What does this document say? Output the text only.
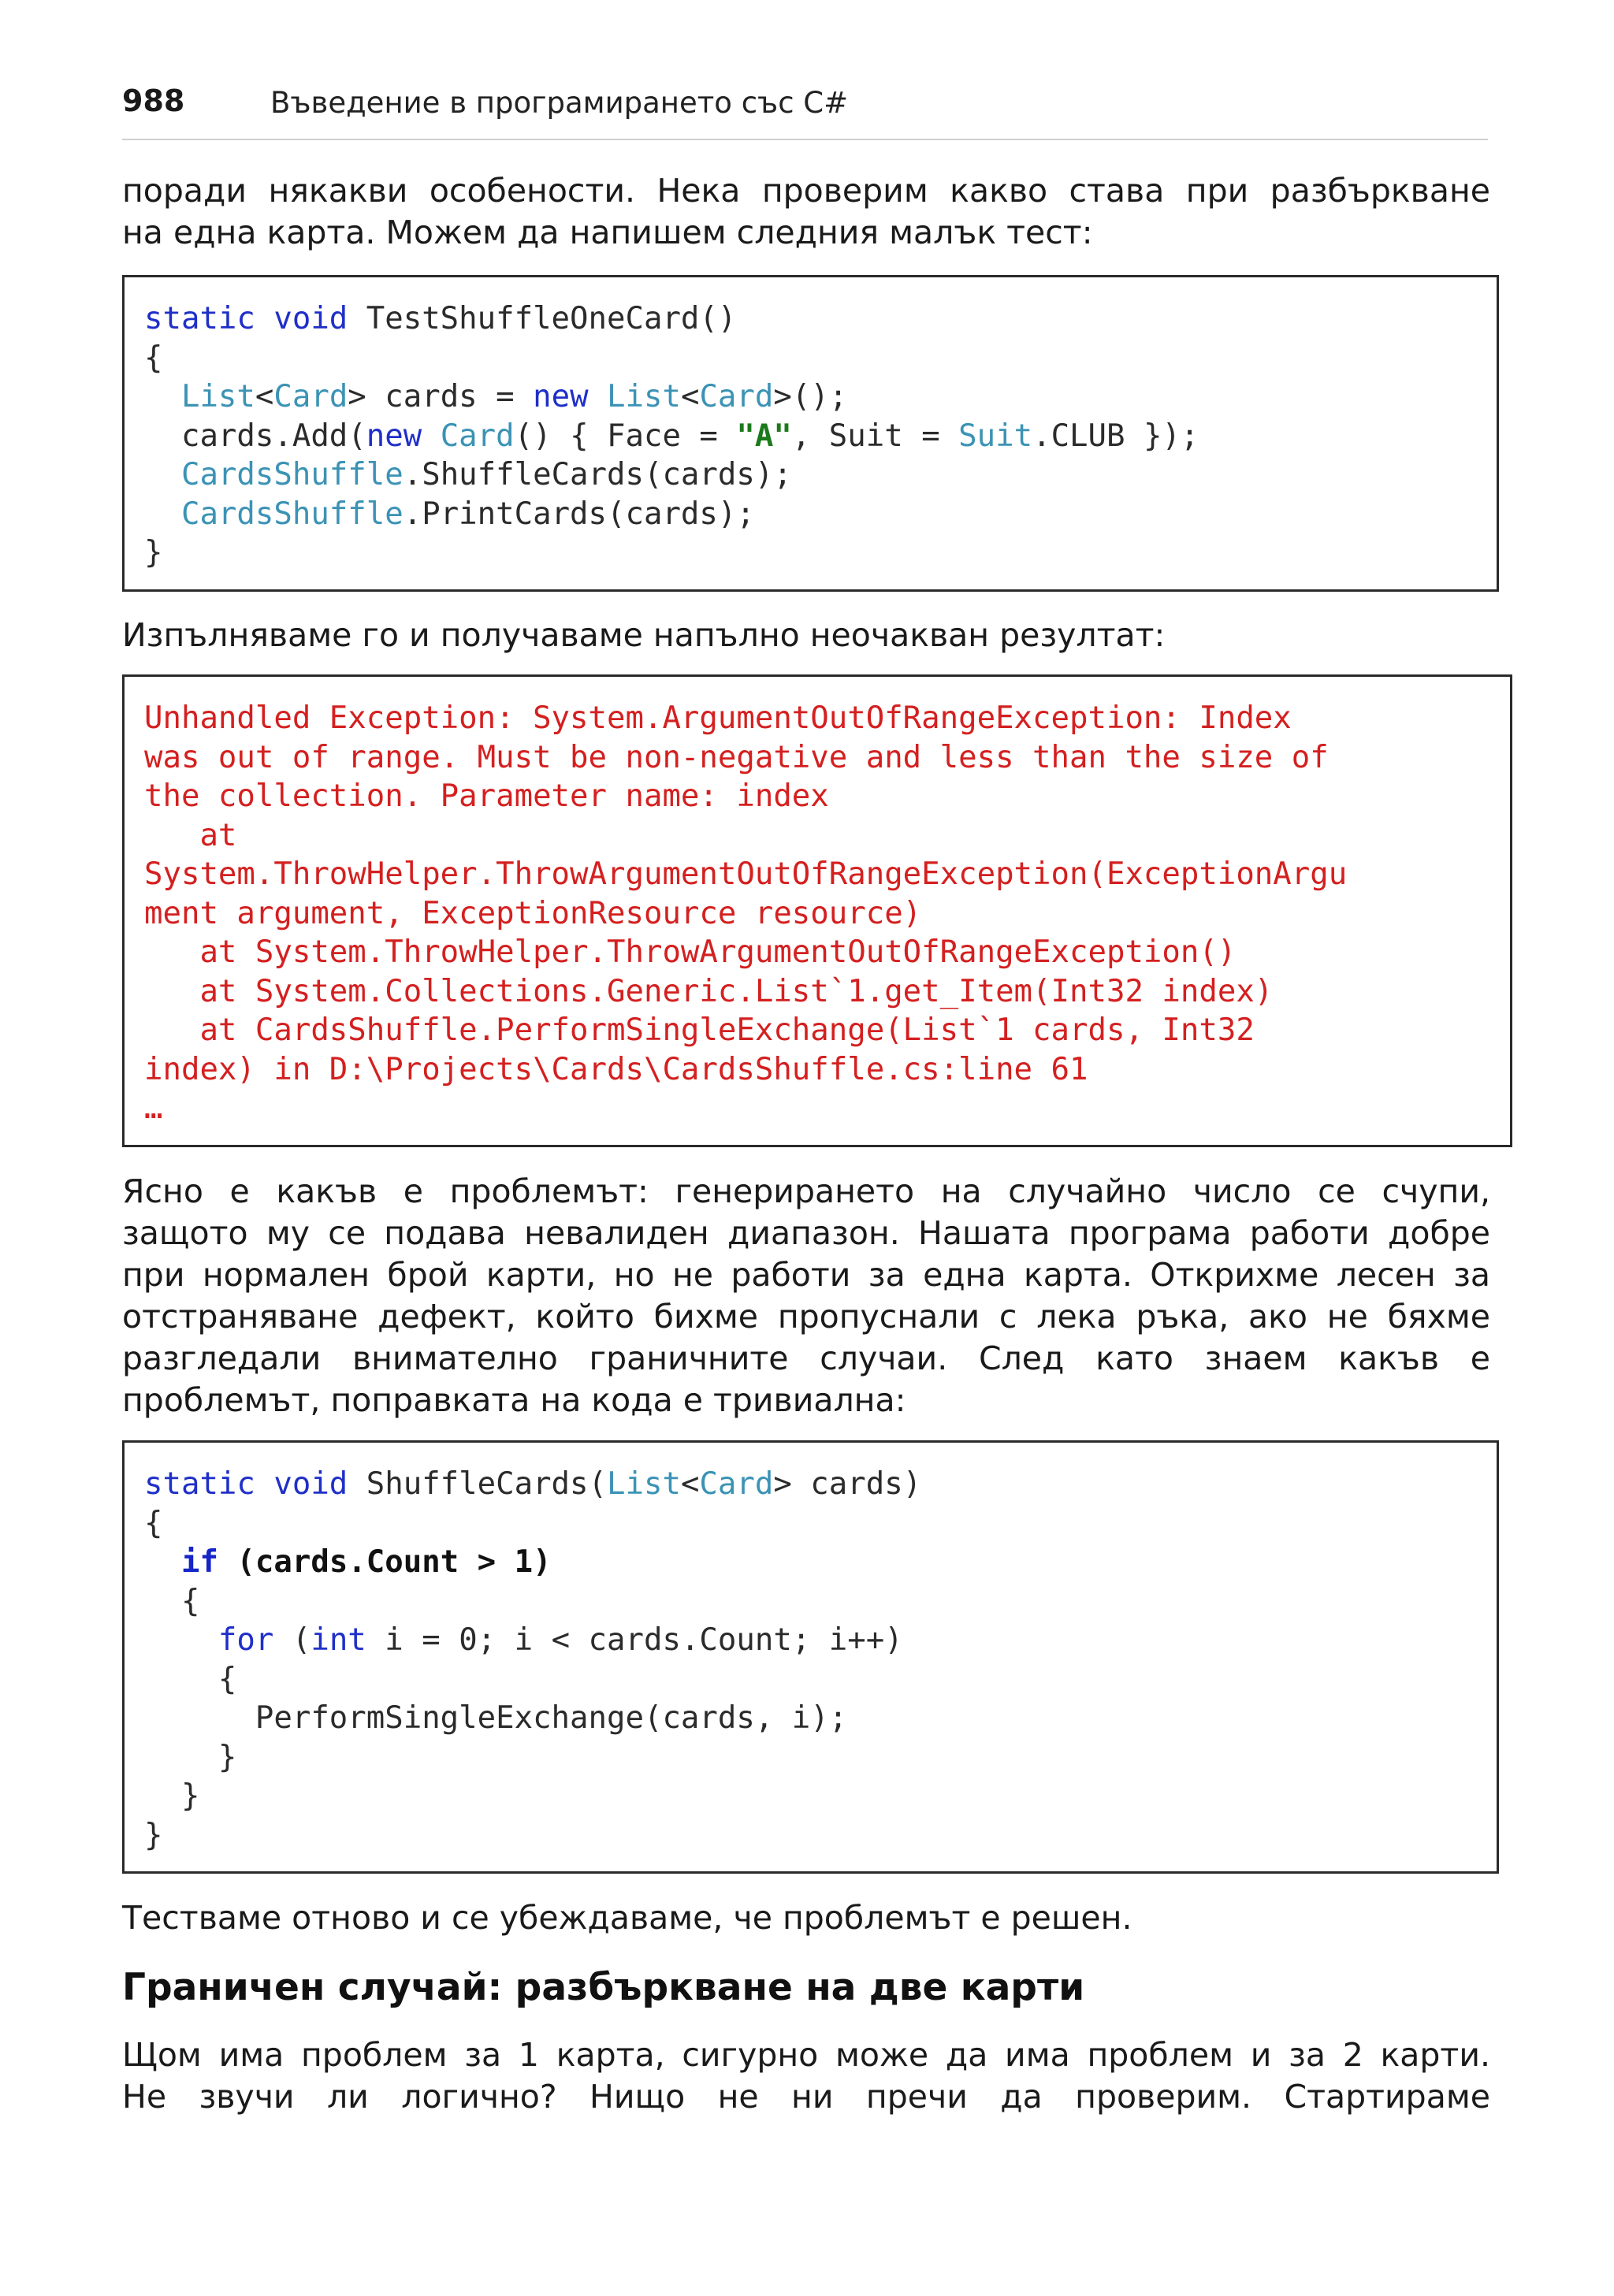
988	Въведение в програмирането със C#
поради някакви особености. Нека проверим какво става при разбъркване
на една карта. Можем да напишем следния малък тест:
static void TestShuffleOneCard()
{
List<Card> cards = new List<Card>();
cards.Add(new Card() { Face = "A", Suit = Suit.CLUB });
CardsShuffle.ShuffleCards(cards);
CardsShuffle.PrintCards(cards);
}
Изпълняваме го и получаваме напълно неочакван резултат:
Unhandled Exception: System.ArgumentOutOfRangeException: Index
was out of range. Must be non-negative and less than the size of
the collection. Parameter name: index
at
System.ThrowHelper.ThrowArgumentOutOfRangeException(ExceptionArgu
ment argument, ExceptionResource resource)
at System.ThrowHelper.ThrowArgumentOutOfRangeException()
at System.Collections.Generic.List`1.get_Item(Int32 index)
at CardsShuffle.PerformSingleExchange(List`1 cards, Int32
index) in D:\Projects\Cards\CardsShuffle.cs:line 61
…
Ясно е какъв е проблемът: генерирането на случайно число се счупи,
защото му се подава невалиден диапазон. Нашата програма работи добре
при нормален брой карти, но не работи за една карта. Открихме лесен за
отстраняване дефект, който бихме пропуснали с лека ръка, ако не бяхме
разгледали внимателно граничните случаи. След като знаем какъв е
проблемът, поправката на кода е тривиална:
static void ShuffleCards(List<Card> cards)
{
if (cards.Count > 1)
{
for (int i = 0; i < cards.Count; i++)
{
PerformSingleExchange(cards, i);
}
}
}
Тестваме отново и се убеждаваме, че проблемът е решен.
Граничен случай: разбъркване на две карти
Щом има проблем за 1 карта, сигурно може да има проблем и за 2 карти.
Не звучи ли логично? Нищо не ни пречи да проверим. Стартираме
